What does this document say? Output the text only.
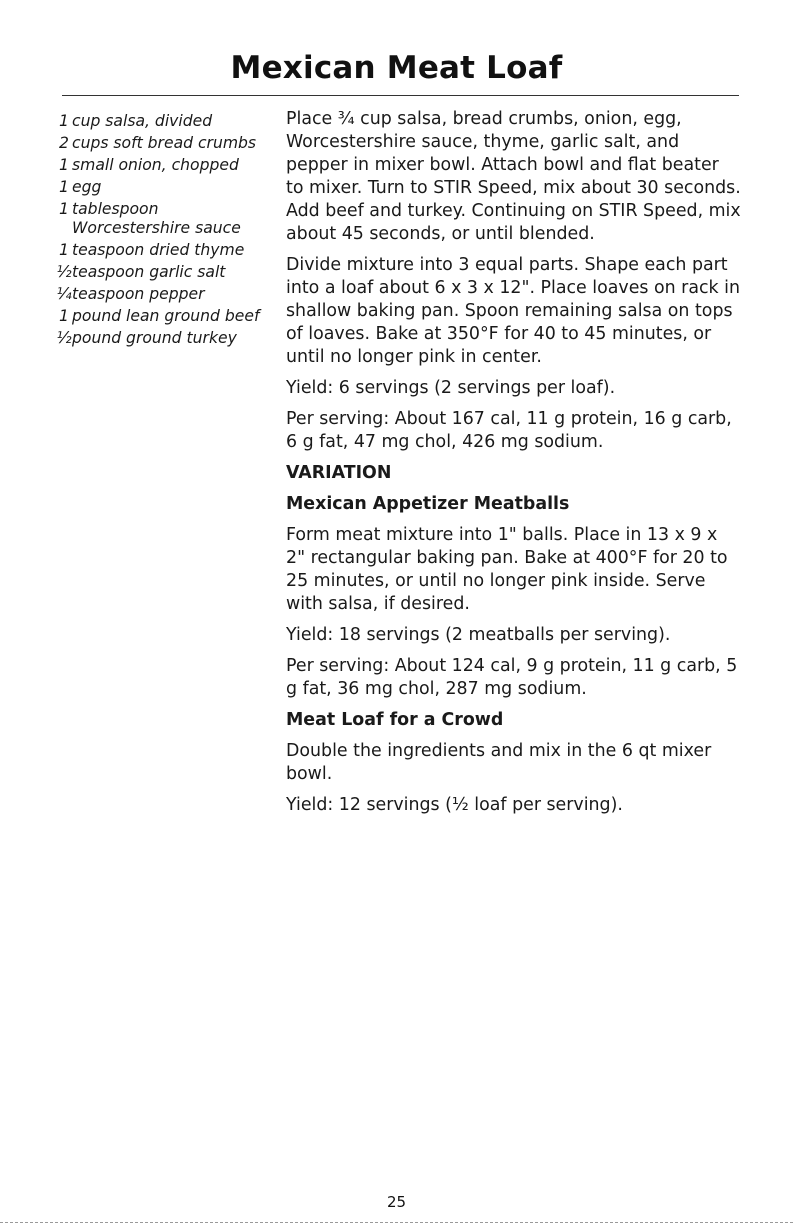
Mexican Meat Loaf
1 cup salsa, divided
2 cups soft bread crumbs
1 small onion, chopped
1 egg
1 tablespoon Worcestershire sauce
1 teaspoon dried thyme
½ teaspoon garlic salt
¼ teaspoon pepper
1 pound lean ground beef
½ pound ground turkey

Place ¾ cup salsa, bread crumbs, onion, egg, Worcestershire sauce, thyme, garlic salt, and pepper in mixer bowl. Attach bowl and flat beater to mixer. Turn to STIR Speed, mix about 30 seconds. Add beef and turkey. Continuing on STIR Speed, mix about 45 seconds, or until blended.

Divide mixture into 3 equal parts. Shape each part into a loaf about 6 x 3 x 12". Place loaves on rack in shallow baking pan. Spoon remaining salsa on tops of loaves. Bake at 350°F for 40 to 45 minutes, or until no longer pink in center.

Yield: 6 servings (2 servings per loaf).

Per serving: About 167 cal, 11 g protein, 16 g carb, 6 g fat, 47 mg chol, 426 mg sodium.

VARIATION
Mexican Appetizer Meatballs

Form meat mixture into 1" balls. Place in 13 x 9 x 2" rectangular baking pan. Bake at 400°F for 20 to 25 minutes, or until no longer pink inside. Serve with salsa, if desired.

Yield: 18 servings (2 meatballs per serving).

Per serving: About 124 cal, 9 g protein, 11 g carb, 5 g fat, 36 mg chol, 287 mg sodium.

Meat Loaf for a Crowd

Double the ingredients and mix in the 6 qt mixer bowl.

Yield: 12 servings (½ loaf per serving).

25
